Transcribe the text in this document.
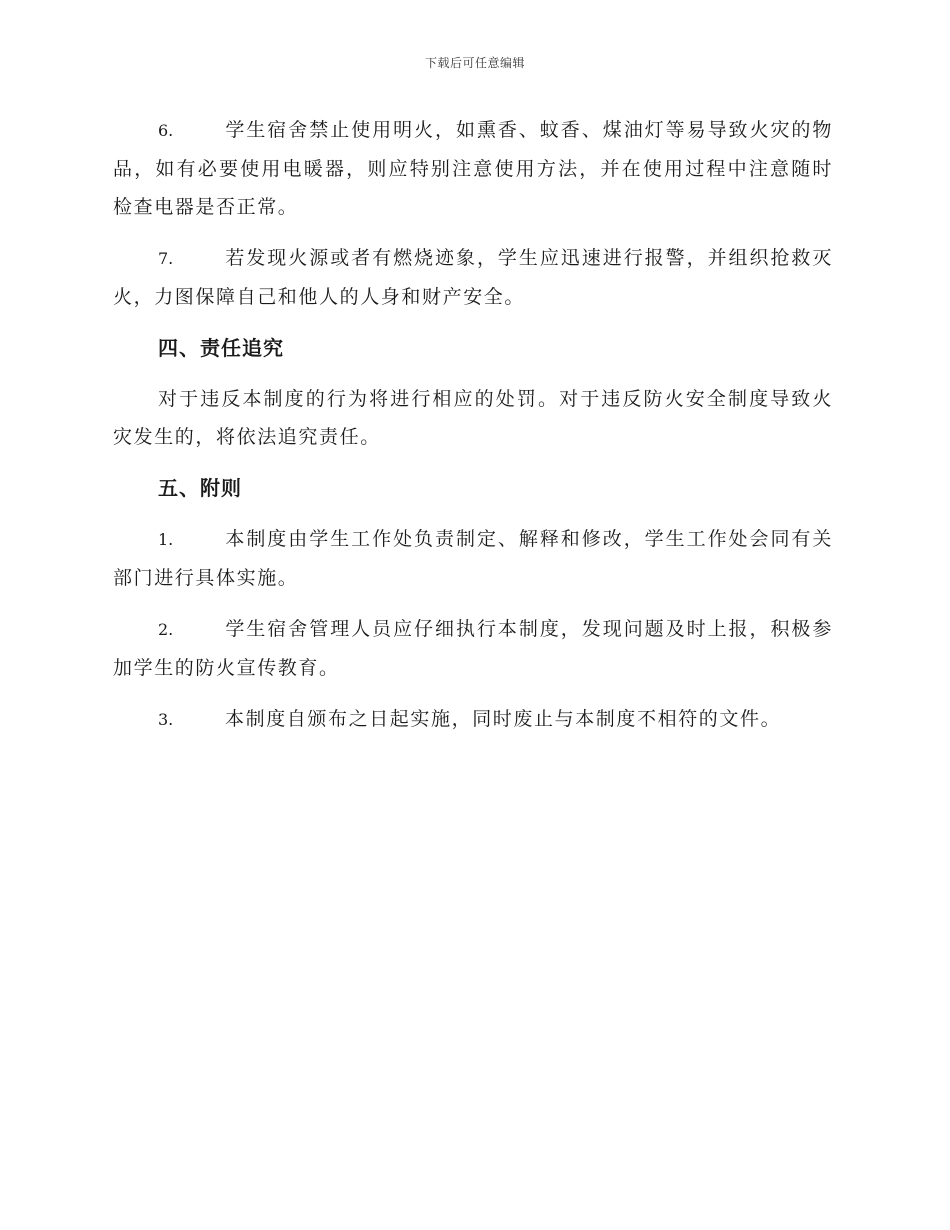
下载后可任意编辑

6.	学生宿舍禁止使用明火，如熏香、蚊香、煤油灯等易导致火灾的物品，如有必要使用电暖器，则应特别注意使用方法，并在使用过程中注意随时检查电器是否正常。

7.	若发现火源或者有燃烧迹象，学生应迅速进行报警，并组织抢救灭火，力图保障自己和他人的人身和财产安全。

四、责任追究

对于违反本制度的行为将进行相应的处罚。对于违反防火安全制度导致火灾发生的，将依法追究责任。

五、附则

1.	本制度由学生工作处负责制定、解释和修改，学生工作处会同有关部门进行具体实施。

2.	学生宿舍管理人员应仔细执行本制度，发现问题及时上报，积极参加学生的防火宣传教育。

3.	本制度自颁布之日起实施，同时废止与本制度不相符的文件。
